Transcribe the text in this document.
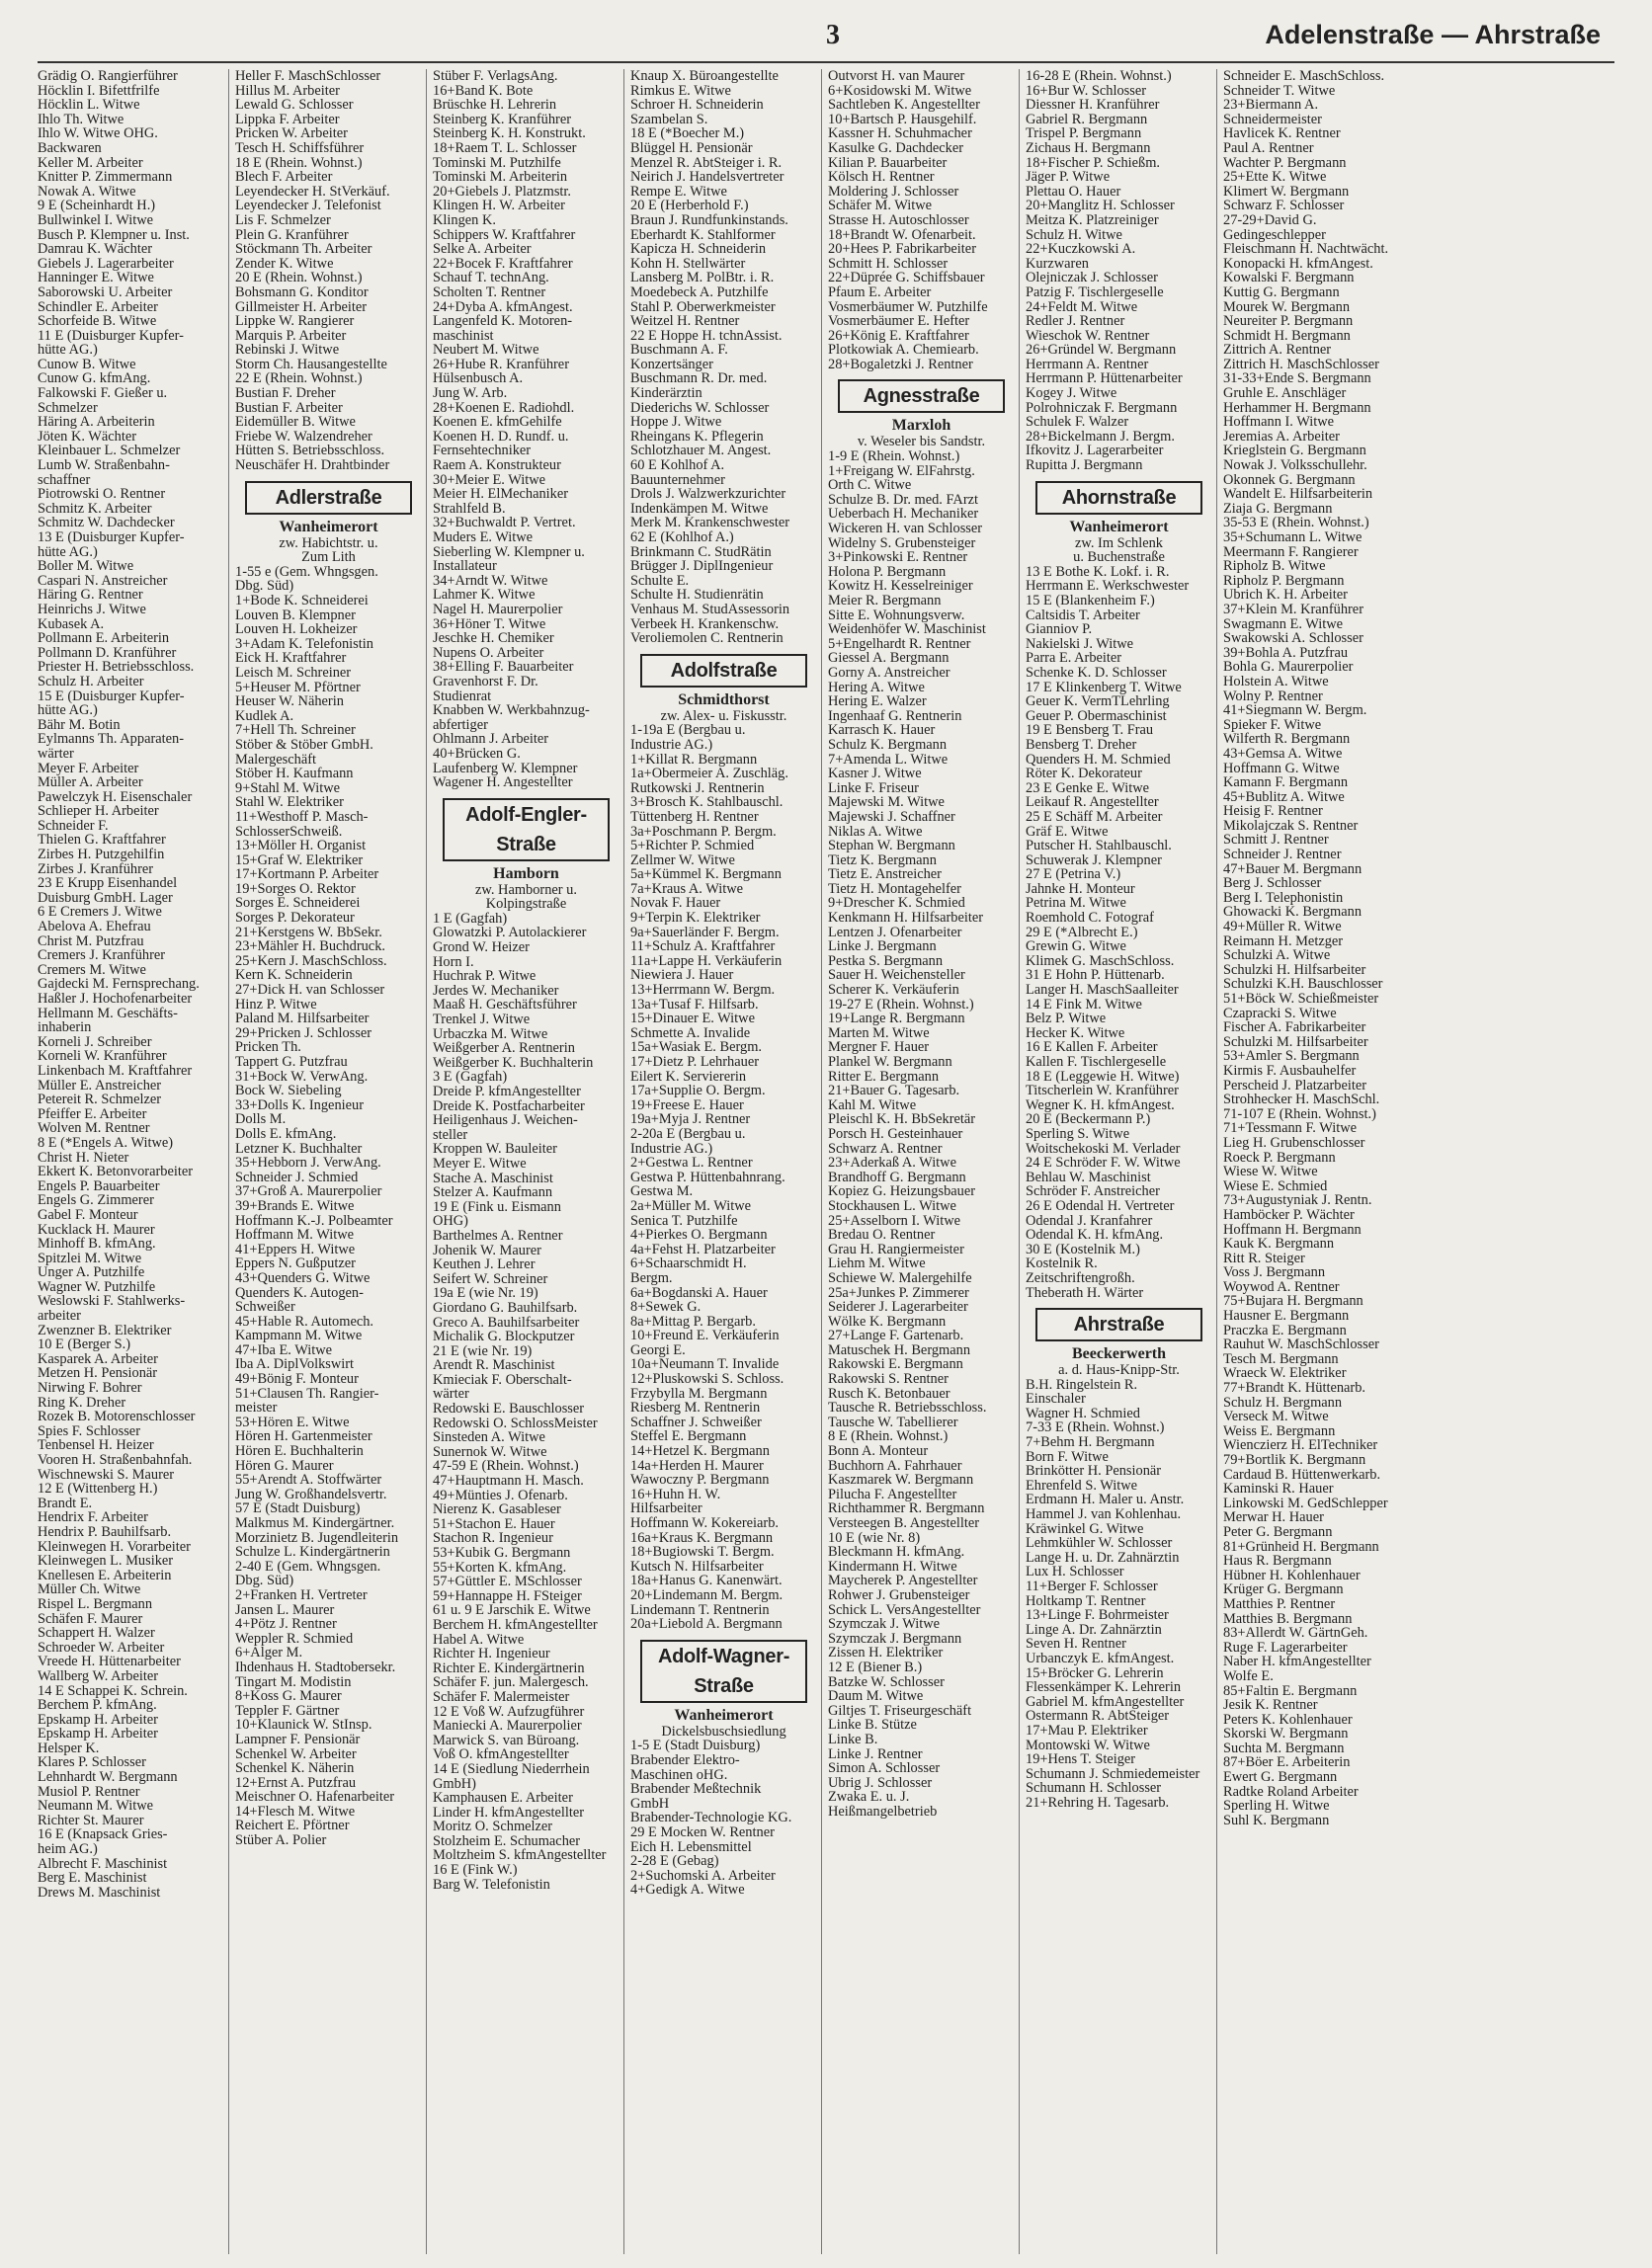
3	Adelenstraße — Ahrstraße
Grädig O. Rangierführer
Höcklin I. Bifettfrilfe
Höcklin L. Witwe
Ihlo Th. Witwe
Ihlo W. Witwe OHG.
Backwaren
Keller M. Arbeiter
Knitter P. Zimmermann
Nowak A. Witwe
9 E (Scheinhardt H.)
Bullwinkel I. Witwe
Busch P. Klempner u. Inst.
Damrau K. Wächter
Giebels J. Lagerarbeiter
Hanninger E. Witwe
Saborowski U. Arbeiter
Schindler E. Arbeiter
Schorfeide B. Witwe
11 E (Duisburger Kupfer-
hütte AG.)
Cunow B. Witwe
Cunow G. kfmAng.
Falkowski F. Gießer u.
Schmelzer
Häring A. Arbeiterin
Jöten K. Wächter
Kleinbauer L. Schmelzer
Lumb W. Straßenbahn-
schaffner
Piotrowski O. Rentner
Schmitz K. Arbeiter
Schmitz W. Dachdecker
13 E (Duisburger Kupfer-
hütte AG.)
Boller M. Witwe
Caspari N. Anstreicher
Häring G. Rentner
Heinrichs J. Witwe
Kubasek A.
Pollmann E. Arbeiterin
Pollmann D. Kranführer
Priester H. Betriebsschloss.
Schulz H. Arbeiter
15 E (Duisburger Kupfer-
hütte AG.)
Bähr M. Botin
Eylmanns Th. Apparaten-
wärter
Meyer F. Arbeiter
Müller A. Arbeiter
Pawelczyk H. Eisenschaler
Schlieper H. Arbeiter
Schneider F.
Thielen G. Kraftfahrer
Zirbes H. Putzgehilfin
Zirbes J. Kranführer
23 E Krupp Eisenhandel
Duisburg GmbH. Lager
6 E Cremers J. Witwe
Abelova A. Ehefrau
Christ M. Putzfrau
Cremers J. Kranführer
Cremers M. Witwe
Gajdecki M. Fernsprechang.
Haßler J. Hochofenarbeiter
Hellmann M. Geschäfts-
inhaberin
Korneli J. Schreiber
Korneli W. Kranführer
Linkenbach M. Kraftfahrer
Müller E. Anstreicher
Petereit R. Schmelzer
Pfeiffer E. Arbeiter
Wolven M. Rentner
8 E (*Engels A. Witwe)
Christ H. Nieter
Ekkert K. Betonvorarbeiter
Engels P. Bauarbeiter
Engels G. Zimmerer
Gabel F. Monteur
Kucklack H. Maurer
Minhoff B. kfmAng.
Spitzlei M. Witwe
Unger A. Putzhilfe
Wagner W. Putzhilfe
Weslowski F. Stahlwerks-
arbeiter
Zwenzner B. Elektriker
10 E (Berger S.)
Kasparek A. Arbeiter
Metzen H. Pensionär
Nirwing F. Bohrer
Ring K. Dreher
Rozek B. Motorenschlosser
Spies F. Schlosser
Tenbensel H. Heizer
Vooren H. Straßenbahnfah.
Wischnewski S. Maurer
12 E (Wittenberg H.)
Brandt E.
Hendrix F. Arbeiter
Hendrix P. Bauhilfsarb.
Kleinwegen H. Vorarbeiter
Kleinwegen L. Musiker
Knellesen E. Arbeiterin
Müller Ch. Witwe
Rispel L. Bergmann
Schäfen F. Maurer
Schappert H. Walzer
Schroeder W. Arbeiter
Vreede H. Hüttenarbeiter
Wallberg W. Arbeiter
14 E Schappei K. Schrein.
Berchem P. kfmAng.
Epskamp H. Arbeiter
Epskamp H. Arbeiter
Helsper K.
Klares P. Schlosser
Lehnhardt W. Bergmann
Musiol P. Rentner
Neumann M. Witwe
Richter St. Maurer
16 E (Knapsack Gries-
heim AG.)
Albrecht F. Maschinist
Berg E. Maschinist
Drews M. Maschinist
Heller F. MaschSchlosser
Hillus M. Arbeiter
Lewald G. Schlosser
Lippka F. Arbeiter
Pricken W. Arbeiter
Tesch H. Schiffsführer
18 E (Rhein. Wohnst.)
Blech F. Arbeiter
Leyendecker H. StVerkäuf.
Leyendecker J. Telefonist
Lis F. Schmelzer
Plein G. Kranführer
Stöckmann Th. Arbeiter
Zender K. Witwe
20 E (Rhein. Wohnst.)
Bohsmann G. Konditor
Gillmeister H. Arbeiter
Lippke W. Rangierer
Marquis P. Arbeiter
Rebinski J. Witwe
Storm Ch. Hausangestellte
22 E (Rhein. Wohnst.)
Bustian F. Dreher
Bustian F. Arbeiter
Eidemüller B. Witwe
Friebe W. Walzendreher
Hütten S. Betriebsschloss.
Neuschäfer H. Drahtbinder
Adlerstraße
Wanheimerort
zw. Habichtstr. u.
Zum Lith
1-55 e (Gem. Whngsgen.
Dbg. Süd)
1+Bode K. Schneiderei
Louven B. Klempner
Louven H. Lokheizer
3+Adam K. Telefonistin
Eick H. Kraftfahrer
Leisch M. Schreiner
5+Heuser M. Pförtner
Heuser W. Näherin
Kudlek A.
7+Hell Th. Schreiner
Stöber & Stöber GmbH.
Malergeschäft
Stöber H. Kaufmann
9+Stahl M. Witwe
Stahl W. Elektriker
11+Westhoff P. Masch-
SchlosserSchweiß.
13+Möller H. Organist
15+Graf W. Elektriker
17+Kortmann P. Arbeiter
19+Sorges O. Rektor
Sorges E. Schneiderei
Sorges P. Dekorateur
21+Kerstgens W. BbSekr.
23+Mähler H. Buchdruck.
25+Kern J. MaschSchloss.
Kern K. Schneiderin
27+Dick H. van Schlosser
Hinz P. Witwe
Paland M. Hilfsarbeiter
29+Pricken J. Schlosser
Pricken Th.
Tappert G. Putzfrau
31+Bock W. VerwAng.
Bock W. Siebeling
33+Dolls K. Ingenieur
Dolls M.
Dolls E. kfmAng.
Letzner K. Buchhalter
35+Hebborn J. VerwAng.
Schneider J. Schmied
37+Groß A. Maurerpolier
39+Brands E. Witwe
Hoffmann K.-J. Polbeamter
Hoffmann M. Witwe
41+Eppers H. Witwe
Eppers N. Gußputzer
43+Quenders G. Witwe
Quenders K. Autogen-
Schweißer
45+Hable R. Automech.
Kampmann M. Witwe
47+Iba E. Witwe
Iba A. DiplVolkswirt
49+Bönig F. Monteur
51+Clausen Th. Rangier-
meister
53+Hören E. Witwe
Hören H. Gartenmeister
Hören E. Buchhalterin
Hören G. Maurer
55+Arendt A. Stoffwärter
Jung W. Großhandelsvertr.
57 E (Stadt Duisburg)
Malkmus M. Kindergärtner.
Morzinietz B. Jugendleiterin
Schulze L. Kindergärtnerin
2-40 E (Gem. Whngsgen.
Dbg. Süd)
2+Franken H. Vertreter
Jansen L. Maurer
4+Pötz J. Rentner
Weppler R. Schmied
6+Alger M.
Ihdenhaus H. Stadtobersekr.
Tingart M. Modistin
8+Koss G. Maurer
Teppler F. Gärtner
10+Klaunick W. StInsp.
Lampner F. Pensionär
Schenkel W. Arbeiter
Schenkel K. Näherin
12+Ernst A. Putzfrau
Meischner O. Hafenarbeiter
14+Flesch M. Witwe
Reichert E. Pförtner
Stüber A. Polier
Stüber F. VerlagsAng.
16+Band K. Bote
Brüschke H. Lehrerin
Steinberg K. Kranführer
Steinberg K. H. Konstrukt.
18+Raem T. L. Schlosser
Tominski M. Putzhilfe
Tominski M. Arbeiterin
20+Giebels J. Platzmstr.
Klingen H. W. Arbeiter
Klingen K.
Schippers W. Kraftfahrer
Selke A. Arbeiter
22+Bocek F. Kraftfahrer
Schauf T. technAng.
Scholten T. Rentner
24+Dyba A. kfmAngest.
Langenfeld K. Motoren-
maschinist
Neubert M. Witwe
26+Hube R. Kranführer
Hülsenbusch A.
Jung W. Arb.
28+Koenen E. Radiohdl.
Koenen E. kfmGehilfe
Koenen H. D. Rundf. u.
Fernsehtechniker
Raem A. Konstrukteur
30+Meier E. Witwe
Meier H. ElMechaniker
Strahlfeld B.
32+Buchwaldt P. Vertret.
Muders E. Witwe
Sieberling W. Klempner u.
Installateur
34+Arndt W. Witwe
Lahmer K. Witwe
Nagel H. Maurerpolier
36+Höner T. Witwe
Jeschke H. Chemiker
Nupens O. Arbeiter
38+Elling F. Bauarbeiter
Gravenhorst F. Dr.
Studienrat
Knabben W. Werkbahnzug-
abfertiger
Ohlmann J. Arbeiter
40+Brücken G.
Laufenberg W. Klempner
Wagener H. Angestellter
Adolf-Engler-Straße
Hamborn
zw. Hamborner u.
Kolpingstraße
1 E (Gagfah)
Glowatzki P. Autolackierer
Grond W. Heizer
Horn I.
Huchrak P. Witwe
Jerdes W. Mechaniker
Maaß H. Geschäftsführer
Trenkel J. Witwe
Urbaczka M. Witwe
Weißgerber A. Rentnerin
Weißgerber K. Buchhalterin
3 E (Gagfah)
Dreide P. kfmAngestellter
Dreide K. Postfacharbeiter
Heiligenhaus J. Weichen-
steller
Kroppen W. Bauleiter
Meyer E. Witwe
Stache A. Maschinist
Stelzer A. Kaufmann
19 E (Fink u. Eismann
OHG)
Barthelmes A. Rentner
Johenik W. Maurer
Keuthen J. Lehrer
Seifert W. Schreiner
19a E (wie Nr. 19)
Giordano G. Bauhilfsarb.
Greco A. Bauhilfsarbeiter
Michalik G. Blockputzer
21 E (wie Nr. 19)
Arendt R. Maschinist
Kmieciak F. Oberschalt-
wärter
Redowski E. Bauschlosser
Redowski O. SchlossMeister
Sinsteden A. Witwe
Sunernok W. Witwe
47-59 E (Rhein. Wohnst.)
47+Hauptmann H. Masch.
49+Münties J. Ofenarb.
Nierenz K. Gasableser
51+Stachon E. Hauer
Stachon R. Ingenieur
53+Kubik G. Bergmann
55+Korten K. kfmAng.
57+Güttler E. MSchlosser
59+Hannappe H. FSteiger
61 u. 9 E Jarschik E. Witwe
Berchem H. kfmAngestellter
Habel A. Witwe
Richter H. Ingenieur
Richter E. Kindergärtnerin
Schäfer F. jun. Malergesch.
Schäfer F. Malermeister
12 E Voß W. Aufzugführer
Maniecki A. Maurerpolier
Marwick S. van Büroang.
Voß O. kfmAngestellter
14 E (Siedlung Niederrhein
GmbH)
Kamphausen E. Arbeiter
Linder H. kfmAngestellter
Moritz O. Schmelzer
Stolzheim E. Schumacher
Moltzheim S. kfmAngestellter
16 E (Fink W.)
Barg W. Telefonistin
Knaup X. Büroangestellte
Rimkus E. Witwe
Schroer H. Schneiderin
Szambelan S.
18 E (*Boecher M.)
Blüggel H. Pensionär
Menzel R. AbtSteiger i. R.
Neirich J. Handelsvertreter
Rempe E. Witwe
20 E (Herberhold F.)
Braun J. Rundfunkinstands.
Eberhardt K. Stahlformer
Kapicza H. Schneiderin
Kohn H. Stellwärter
Lansberg M. PolBtr. i. R.
Moedebeck A. Putzhilfe
Stahl P. Oberwerkmeister
Weitzel H. Rentner
22 E Hoppe H. tchnAssist.
Buschmann A. F.
Konzertsänger
Buschmann R. Dr. med.
Kinderärztin
Diederichs W. Schlosser
Hoppe J. Witwe
Rheingans K. Pflegerin
Schlotzhauer M. Angest.
60 E Kohlhof A.
Bauunternehmer
Drols J. Walzwerkzurichter
Indenkämpen M. Witwe
Merk M. Krankenschwester
62 E (Kohlhof A.)
Brinkmann C. StudRätin
Brügger J. DiplIngenieur
Schulte E.
Schulte H. Studienrätin
Venhaus M. StudAssessorin
Verbeek H. Krankenschw.
Veroliemolen C. Rentnerin
Adolfstraße
Schmidthorst
zw. Alex- u. Fiskusstr.
1-19a E (Bergbau u.
Industrie AG.)
1+Killat R. Bergmann
1a+Obermeier A. Zuschläg.
Rutkowski J. Rentnerin
3+Brosch K. Stahlbauschl.
Tüttenberg H. Rentner
3a+Poschmann P. Bergm.
5+Richter P. Schmied
Zellmer W. Witwe
5a+Kümmel K. Bergmann
7a+Kraus A. Witwe
Novak F. Hauer
9+Terpin K. Elektriker
9a+Sauerländer F. Bergm.
11+Schulz A. Kraftfahrer
11a+Lappe H. Verkäuferin
Niewiera J. Hauer
13+Herrmann W. Bergm.
13a+Tusaf F. Hilfsarb.
15+Dinauer E. Witwe
Schmette A. Invalide
15a+Wasiak E. Bergm.
17+Dietz P. Lehrhauer
Eilert K. Serviererin
17a+Supplie O. Bergm.
19+Freese E. Hauer
19a+Myja J. Rentner
2-20a E (Bergbau u.
Industrie AG.)
2+Gestwa L. Rentner
Gestwa P. Hüttenbahnrang.
Gestwa M.
2a+Müller M. Witwe
Senica T. Putzhilfe
4+Pierkes O. Bergmann
4a+Fehst H. Platzarbeiter
6+Schaarschmidt H.
Bergm.
6a+Bogdanski A. Hauer
8+Sewek G.
8a+Mittag P. Bergarb.
10+Freund E. Verkäuferin
Georgi E.
10a+Neumann T. Invalide
12+Pluskowski S. Schloss.
Frzybylla M. Bergmann
Riesberg M. Rentnerin
Schaffner J. Schweißer
Steffel E. Bergmann
14+Hetzel K. Bergmann
14a+Herden H. Maurer
Wawoczny P. Bergmann
16+Huhn H. W.
Hilfsarbeiter
Hoffmann W. Kokereiarb.
16a+Kraus K. Bergmann
18+Bugiowski T. Bergm.
Kutsch N. Hilfsarbeiter
18a+Hanus G. Kanenwärt.
20+Lindemann M. Bergm.
Lindemann T. Rentnerin
20a+Liebold A. Bergmann
Adolf-Wagner-Straße
Wanheimerort
Dickelsbuschsiedlung
1-5 E (Stadt Duisburg)
Brabender Elektro-
Maschinen oHG.
Brabender Meßtechnik
GmbH
Brabender-Technologie KG.
29 E Mocken W. Rentner
Eich H. Lebensmittel
2-28 E (Gebag)
2+Suchomski A. Arbeiter
4+Gedigk A. Witwe
Outvorst H. van Maurer
6+Kosidowski M. Witwe
Sachtleben K. Angestellter
10+Bartsch P. Hausgehilf.
Kassner H. Schuhmacher
Kasulke G. Dachdecker
Kilian P. Bauarbeiter
Kölsch H. Rentner
Moldering J. Schlosser
Schäfer M. Witwe
Strasse H. Autoschlosser
18+Brandt W. Ofenarbeit.
20+Hees P. Fabrikarbeiter
Schmitt H. Schlosser
22+Düprée G. Schiffsbauer
Pfaum E. Arbeiter
Vosmerbäumer W. Putzhilfe
Vosmerbäumer E. Hefter
26+König E. Kraftfahrer
Plotkowiak A. Chemiearb.
28+Bogaletzki J. Rentner
Agnesstraße
Marxloh
v. Weseler bis Sandstr.
1-9 E (Rhein. Wohnst.)
1+Freigang W. ElFahrstg.
Orth C. Witwe
Schulze B. Dr. med. FArzt
Ueberbach H. Mechaniker
Wickeren H. van Schlosser
Widelny S. Grubensteiger
3+Pinkowski E. Rentner
Holona P. Bergmann
Kowitz H. Kesselreiniger
Meier R. Bergmann
Sitte E. Wohnungsverw.
Weidenhöfer W. Maschinist
5+Engelhardt R. Rentner
Giessel A. Bergmann
Gorny A. Anstreicher
Hering A. Witwe
Hering E. Walzer
Ingenhaaf G. Rentnerin
Karrasch K. Hauer
Schulz K. Bergmann
7+Amenda L. Witwe
Kasner J. Witwe
Linke F. Friseur
Majewski M. Witwe
Majewski J. Schaffner
Niklas A. Witwe
Stephan W. Bergmann
Tietz K. Bergmann
Tietz E. Anstreicher
Tietz H. Montagehelfer
9+Drescher K. Schmied
Kenkmann H. Hilfsarbeiter
Lentzen J. Ofenarbeiter
Linke J. Bergmann
Pestka S. Bergmann
Sauer H. Weichensteller
Scherer K. Verkäuferin
19-27 E (Rhein. Wohnst.)
19+Lange R. Bergmann
Marten M. Witwe
Mergner F. Hauer
Plankel W. Bergmann
Ritter E. Bergmann
21+Bauer G. Tagesarb.
Kahl M. Witwe
Pleischl K. H. BbSekretär
Porsch H. Gesteinhauer
Schwarz A. Rentner
23+Aderkaß A. Witwe
Brandhoff G. Bergmann
Kopiez G. Heizungsbauer
Stockhausen L. Witwe
25+Asselborn I. Witwe
Bredau O. Rentner
Grau H. Rangiermeister
Liehm M. Witwe
Schiewe W. Malergehilfe
25a+Junkes P. Zimmerer
Seiderer J. Lagerarbeiter
Wölke K. Bergmann
27+Lange F. Gartenarb.
Matuschek H. Bergmann
Rakowski E. Bergmann
Rakowski S. Rentner
Rusch K. Betonbauer
Tausche R. Betriebsschloss.
Tausche W. Tabellierer
8 E (Rhein. Wohnst.)
Bonn A. Monteur
Buchhorn A. Fahrhauer
Kaszmarek W. Bergmann
Pilucha F. Angestellter
Richthammer R. Bergmann
Versteegen B. Angestellter
10 E (wie Nr. 8)
Bleckmann H. kfmAng.
Kindermann H. Witwe
Maycherek P. Angestellter
Rohwer J. Grubensteiger
Schick L. VersAngestellter
Szymczak J. Witwe
Szymczak J. Bergmann
Zissen H. Elektriker
12 E (Biener B.)
Batzke W. Schlosser
Daum M. Witwe
Giltjes T. Friseurgeschäft
Linke B. Stütze
Linke B.
Linke J. Rentner
Simon A. Schlosser
Ubrig J. Schlosser
Zwaka E. u. J.
Heißmangelbetrieb
16-28 E (Rhein. Wohnst.)
16+Bur W. Schlosser
Diessner H. Kranführer
Gabriel R. Bergmann
Trispel P. Bergmann
Zichaus H. Bergmann
18+Fischer P. Schießm.
Jäger P. Witwe
Plettau O. Hauer
20+Manglitz H. Schlosser
Meitza K. Platzreiniger
Schulz H. Witwe
22+Kuczkowski A.
Kurzwaren
Olejniczak J. Schlosser
Patzig F. Tischlergeselle
24+Feldt M. Witwe
Redler J. Rentner
Wieschok W. Rentner
26+Gründel W. Bergmann
Herrmann A. Rentner
Herrmann P. Hüttenarbeiter
Kogey J. Witwe
Polrohniczak F. Bergmann
Schulek F. Walzer
28+Bickelmann J. Bergm.
Ifkovitz J. Lagerarbeiter
Rupitta J. Bergmann
Ahornstraße
Wanheimerort
zw. Im Schlenk
u. Buchenstraße
13 E Bothe K. Lokf. i. R.
Herrmann E. Werkschwester
15 E (Blankenheim F.)
Caltsidis T. Arbeiter
Gianniov P.
Nakielski J. Witwe
Parra E. Arbeiter
Schenke K. D. Schlosser
17 E Klinkenberg T. Witwe
Geuer K. VermTLehrling
Geuer P. Obermaschinist
19 E Bensberg T. Frau
Bensberg T. Dreher
Quenders H. M. Schmied
Röter K. Dekorateur
23 E Genke E. Witwe
Leikauf R. Angestellter
25 E Schäff M. Arbeiter
Gräf E. Witwe
Putscher H. Stahlbauschl.
Schuwerak J. Klempner
27 E (Petrina V.)
Jahnke H. Monteur
Petrina M. Witwe
Roemhold C. Fotograf
29 E (*Albrecht E.)
Grewin G. Witwe
Klimek G. MaschSchloss.
31 E Hohn P. Hüttenarb.
Langer H. MaschSaalleiter
14 E Fink M. Witwe
Belz P. Witwe
Hecker K. Witwe
16 E Kallen F. Arbeiter
Kallen F. Tischlergeselle
18 E (Leggewie H. Witwe)
Titscherlein W. Kranführer
Wegner K. H. kfmAngest.
20 E (Beckermann P.)
Sperling S. Witwe
Woitschekoski M. Verlader
24 E Schröder F. W. Witwe
Behlau W. Maschinist
Schröder F. Anstreicher
26 E Odendal H. Vertreter
Odendal J. Kranfahrer
Odendal K. H. kfmAng.
30 E (Kostelnik M.)
Kostelnik R.
Zeitschriftengroßh.
Theberath H. Wärter
Ahrstraße
Beeckerwerth
a. d. Haus-Knipp-Str.
B.H. Ringelstein R.
Einschaler
Wagner H. Schmied
7-33 E (Rhein. Wohnst.)
7+Behm H. Bergmann
Born F. Witwe
Brinkötter H. Pensionär
Ehrenfeld S. Witwe
Erdmann H. Maler u. Anstr.
Hammel J. van Kohlenhau.
Kräwinkel G. Witwe
Lehmkühler W. Schlosser
Lange H. u. Dr. Zahnärztin
Lux H. Schlosser
11+Berger F. Schlosser
Holtkamp T. Rentner
13+Linge F. Bohrmeister
Linge A. Dr. Zahnärztin
Seven H. Rentner
Urbanczyk E. kfmAngest.
15+Bröcker G. Lehrerin
Flessenkämper K. Lehrerin
Gabriel M. kfmAngestellter
Ostermann R. AbtSteiger
17+Mau P. Elektriker
Montowski W. Witwe
19+Hens T. Steiger
Schumann J. Schmiedemeister
Schumann H. Schlosser
21+Rehring H. Tagesarb.
Schneider E. MaschSchloss.
Schneider T. Witwe
23+Biermann A.
Schneidermeister
Havlicek K. Rentner
Paul A. Rentner
Wachter P. Bergmann
25+Ette K. Witwe
Klimert W. Bergmann
Schwarz F. Schlosser
27-29+David G.
Gedingeschlepper
Fleischmann H. Nachtwächt.
Konopacki H. kfmAngest.
Kowalski F. Bergmann
Kuttig G. Bergmann
Mourek W. Bergmann
Neureiter P. Bergmann
Schmidt H. Bergmann
Zittrich A. Rentner
Zittrich H. MaschSchlosser
31-33+Ende S. Bergmann
Gruhle E. Anschläger
Herhammer H. Bergmann
Hoffmann I. Witwe
Jeremias A. Arbeiter
Krieglstein G. Bergmann
Nowak J. Volksschullehr.
Okonnek G. Bergmann
Wandelt E. Hilfsarbeiterin
Ziaja G. Bergmann
35-53 E (Rhein. Wohnst.)
35+Schumann L. Witwe
Meermann F. Rangierer
Ripholz B. Witwe
Ripholz P. Bergmann
Ubrich K. H. Arbeiter
37+Klein M. Kranführer
Swagmann E. Witwe
Swakowski A. Schlosser
39+Bohla A. Putzfrau
Bohla G. Maurerpolier
Holstein A. Witwe
Wolny P. Rentner
41+Siegmann W. Bergm.
Spieker F. Witwe
Wilferth R. Bergmann
43+Gemsa A. Witwe
Hoffmann G. Witwe
Kamann F. Bergmann
45+Bublitz A. Witwe
Heisig F. Rentner
Mikolajczak S. Rentner
Schmitt J. Rentner
Schneider J. Rentner
47+Bauer M. Bergmann
Berg J. Schlosser
Berg I. Telephonistin
Ghowacki K. Bergmann
49+Müller R. Witwe
Reimann H. Metzger
Schulzki A. Witwe
Schulzki H. Hilfsarbeiter
Schulzki K.H. Bauschlosser
51+Böck W. Schießmeister
Czapracki S. Witwe
Fischer A. Fabrikarbeiter
Schulzki M. Hilfsarbeiter
53+Amler S. Bergmann
Kirmis F. Ausbauhelfer
Perscheid J. Platzarbeiter
Strohhecker H. MaschSchl.
71-107 E (Rhein. Wohnst.)
71+Tessmann F. Witwe
Lieg H. Grubenschlosser
Roeck P. Bergmann
Wiese W. Witwe
Wiese E. Schmied
73+Augustyniak J. Rentn.
Hamböcker P. Wächter
Hoffmann H. Bergmann
Kauk K. Bergmann
Ritt R. Steiger
Voss J. Bergmann
Woywod A. Rentner
75+Bujara H. Bergmann
Hausner E. Bergmann
Praczka E. Bergmann
Rauhut W. MaschSchlosser
Tesch M. Bergmann
Wraeck W. Elektriker
77+Brandt K. Hüttenarb.
Schulz H. Bergmann
Verseck M. Witwe
Weiss E. Bergmann
Wienczierz H. ElTechniker
79+Bortlik K. Bergmann
Cardaud B. Hüttenwerkarb.
Kaminski R. Hauer
Linkowski M. GedSchlepper
Merwar H. Hauer
Peter G. Bergmann
81+Grünheid H. Bergmann
Haus R. Bergmann
Hübner H. Kohlenhauer
Krüger G. Bergmann
Matthies P. Rentner
Matthies B. Bergmann
83+Allerdt W. GärtnGeh.
Ruge F. Lagerarbeiter
Naber H. kfmAngestellter
Wolfe E.
85+Faltin E. Bergmann
Jesik K. Rentner
Peters K. Kohlenhauer
Skorski W. Bergmann
Suchta M. Bergmann
87+Böer E. Arbeiterin
Ewert G. Bergmann
Radtke Roland Arbeiter
Sperling H. Witwe
Suhl K. Bergmann
